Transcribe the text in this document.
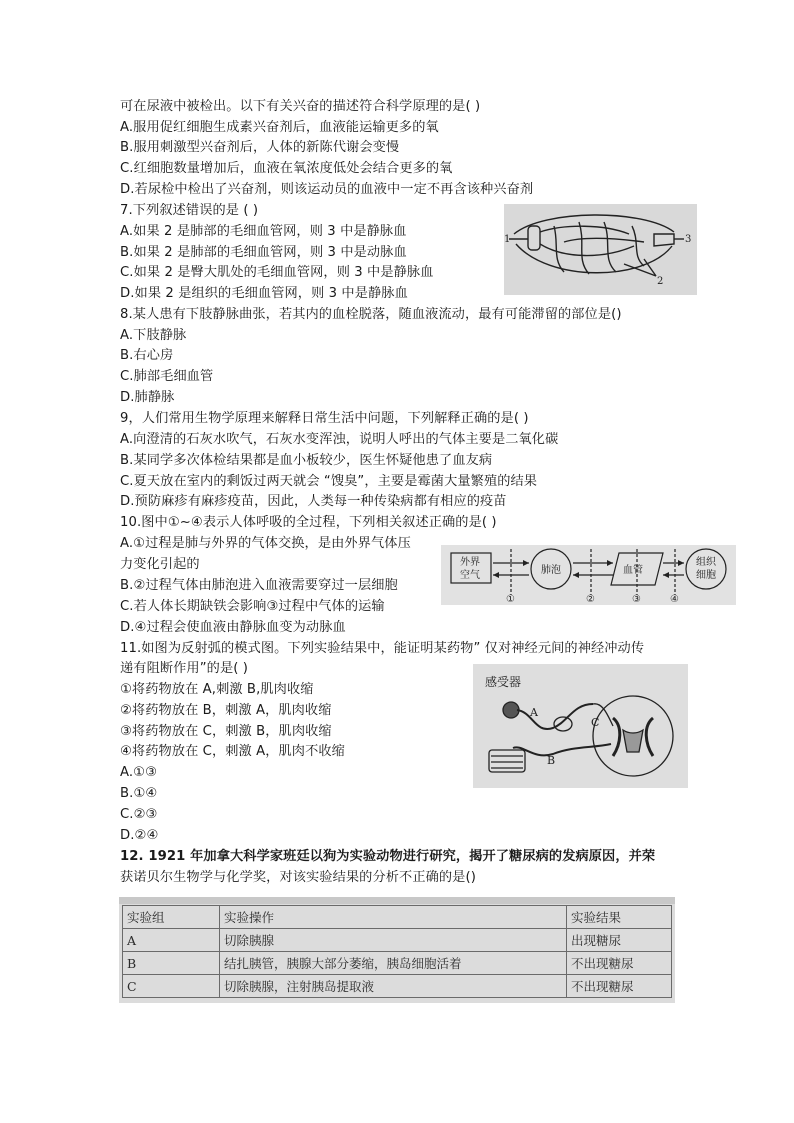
可在尿液中被检出。以下有关兴奋的描述符合科学原理的是( )
A.服用促红细胞生成素兴奋剂后，血液能运输更多的氧
B.服用刺激型兴奋剂后，人体的新陈代谢会变慢
C.红细胞数量增加后，血液在氧浓度低处会结合更多的氧
D.若尿检中检出了兴奋剂，则该运动员的血液中一定不再含该种兴奋剂
7.下列叙述错误的是 ( )
A.如果 2 是肺部的毛细血管网，则 3 中是静脉血
B.如果 2 是肺部的毛细血管网，则 3 中是动脉血
C.如果 2 是臀大肌处的毛细血管网，则 3 中是静脉血
D.如果 2 是组织的毛细血管网，则 3 中是静脉血
1	3
2
8.某人患有下肢静脉曲张，若其内的血栓脱落，随血液流动，最有可能滞留的部位是()
A.下肢静脉
B.右心房
C.肺部毛细血管
D.肺静脉
9，人们常用生物学原理来解释日常生活中问题，下列解释正确的是( )
A.向澄清的石灰水吹气，石灰水变浑浊，说明人呼出的气体主要是二氧化碳
B.某同学多次体检结果都是血小板较少，医生怀疑他患了血友病
C.夏天放在室内的剩饭过两天就会 “馊臭”，主要是霉菌大量繁殖的结果
D.预防麻疹有麻疹疫苗，因此，人类每一种传染病都有相应的疫苗
10.图中①~④表示人体呼吸的全过程，下列相关叙述正确的是( )
A.①过程是肺与外界的气体交换，是由外界气体压
力变化引起的
B.②过程气体由肺泡进入血液需要穿过一层细胞
C.若人体长期缺铁会影响③过程中气体的运输
D.④过程会使血液由静脉血变为动脉血
外界
空气	肺泡	血管
组织
细胞
①	②	③	④
11.如图为反射弧的模式图。下列实验结果中，能证明某药物” 仅对神经元间的神经冲动传
递有阻断作用”的是( )
①将药物放在 A,刺激 B,肌肉收缩
②将药物放在 B，刺激 A，肌肉收缩
③将药物放在 C，刺激 B，肌肉收缩
④将药物放在 C，刺激 A，肌肉不收缩
A.①③
B.①④
C.②③
D.②④
感受器
A
B
C
12. 1921 年加拿大科学家班廷以狗为实验动物进行研究，揭开了糖尿病的发病原因，并荣
获诺贝尔生物学与化学奖，对该实验结果的分析不正确的是()
实验组	实验操作	实验结果
A	切除胰腺	出现糖尿
B	结扎胰管，胰腺大部分萎缩，胰岛细胞活着	不出现糖尿
C	切除胰腺，注射胰岛提取液	不出现糖尿
